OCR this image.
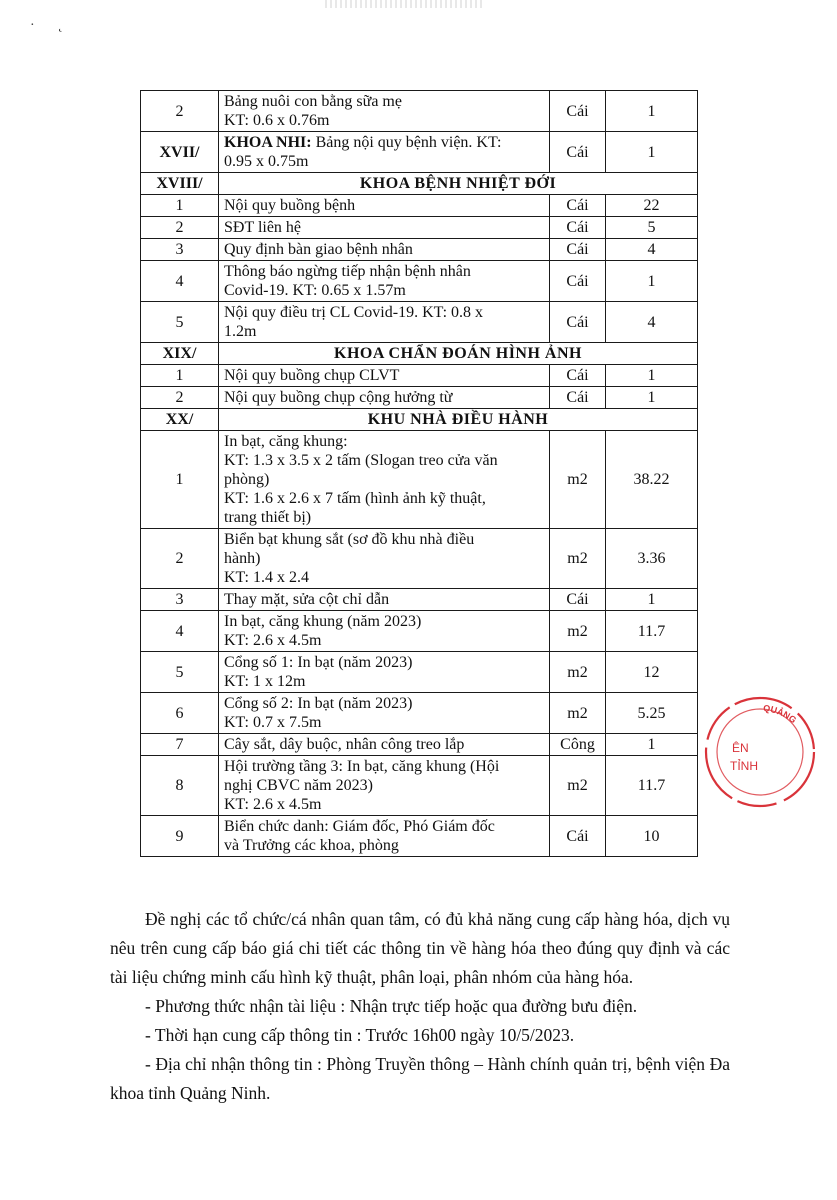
· ˛
2	Bảng nuôi con bằng sữa mẹ
KT: 0.6 x 0.76m	Cái	1
XVII/	KHOA NHI: Bảng nội quy bệnh viện. KT:
0.95 x 0.75m	Cái	1
XVIII/	KHOA BỆNH NHIỆT ĐỚI		
1	Nội quy buồng bệnh	Cái	22
2	SĐT liên hệ	Cái	5
3	Quy định bàn giao bệnh nhân	Cái	4
4	Thông báo ngừng tiếp nhận bệnh nhân
Covid-19. KT: 0.65 x 1.57m	Cái	1
5	Nội quy điều trị CL Covid-19. KT: 0.8 x
1.2m	Cái	4
XIX/	KHOA CHẨN ĐOÁN HÌNH ẢNH		
1	Nội quy buồng chụp CLVT	Cái	1
2	Nội quy buồng chụp cộng hưởng từ	Cái	1
XX/	KHU NHÀ ĐIỀU HÀNH		
1	In bạt, căng khung:
KT: 1.3 x 3.5 x 2 tấm (Slogan treo cửa văn
phòng)
KT: 1.6 x 2.6 x 7 tấm (hình ảnh kỹ thuật,
trang thiết bị)	m2	38.22
2	Biển bạt khung sắt (sơ đồ khu nhà điều
hành)
KT: 1.4 x 2.4	m2	3.36
3	Thay mặt, sửa cột chỉ dẫn	Cái	1
4	In bạt, căng khung (năm 2023)
KT: 2.6 x 4.5m	m2	11.7
5	Cổng số 1: In bạt (năm 2023)
KT: 1 x 12m	m2	12
6	Cổng số 2: In bạt (năm 2023)
KT: 0.7 x 7.5m	m2	5.25
7	Cây sắt, dây buộc, nhân công treo lắp	Công	1
8	Hội trường tầng 3: In bạt, căng khung (Hội
nghị CBVC năm 2023)
KT: 2.6 x 4.5m	m2	11.7
9	Biển chức danh: Giám đốc, Phó Giám đốc
và Trưởng các khoa, phòng	Cái	10

Đề nghị các tổ chức/cá nhân quan tâm, có đủ khả năng cung cấp hàng hóa, dịch vụ nêu trên cung cấp báo giá chi tiết các thông tin về hàng hóa theo đúng quy định và các tài liệu chứng minh cấu hình kỹ thuật, phân loại, phân nhóm của hàng hóa.

- Phương thức nhận tài liệu : Nhận trực tiếp hoặc qua đường bưu điện.

- Thời hạn cung cấp thông tin : Trước 16h00 ngày 10/5/2023.

- Địa chỉ nhận thông tin : Phòng Truyền thông – Hành chính quản trị, bệnh viện Đa khoa tỉnh Quảng Ninh.

QUẢNG
ÊN
TỈNH
